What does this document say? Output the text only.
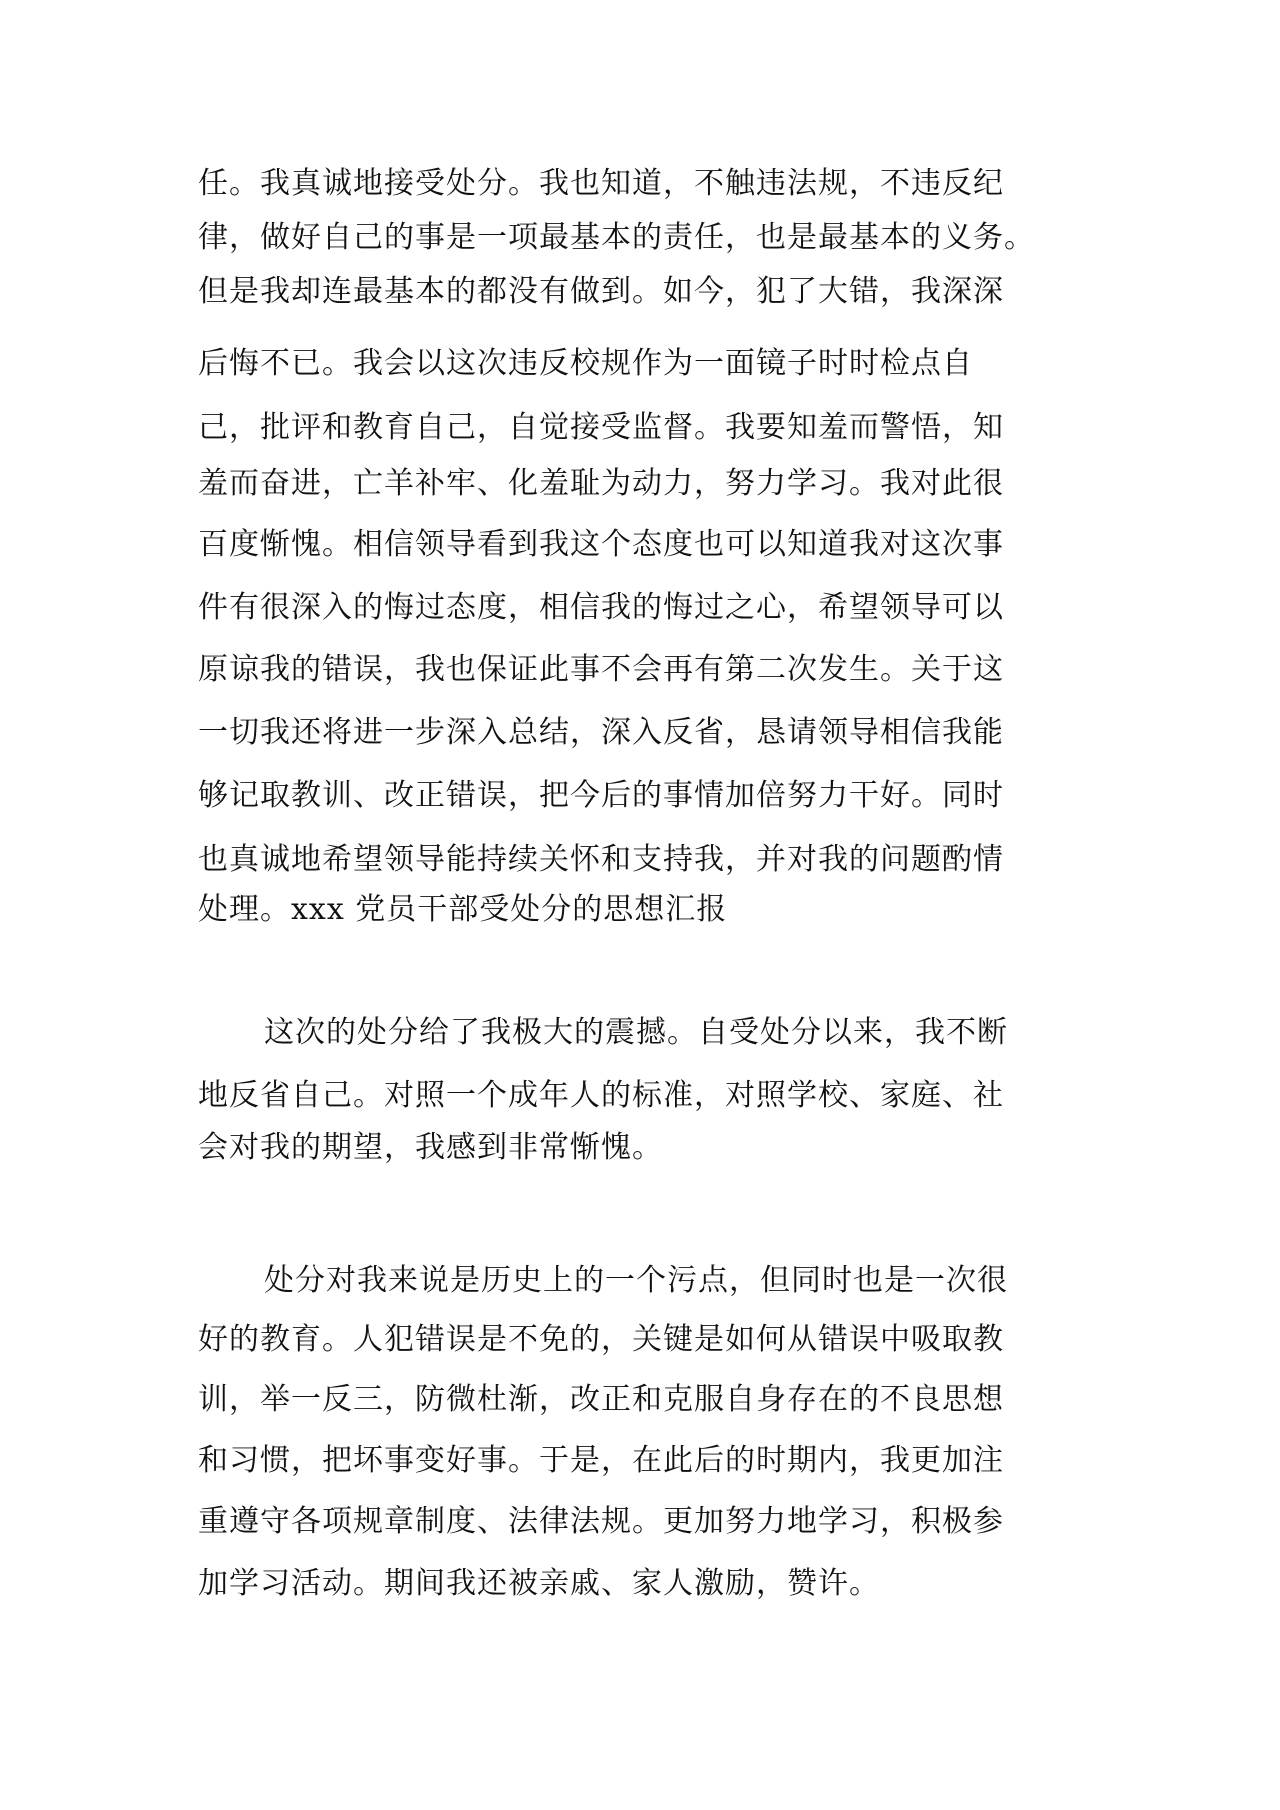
任。我真诚地接受处分。我也知道，不触违法规，不违反纪
律，做好自己的事是一项最基本的责任，也是最基本的义务。
但是我却连最基本的都没有做到。如今，犯了大错，我深深
后悔不已。我会以这次违反校规作为一面镜子时时检点自
己，批评和教育自己，自觉接受监督。我要知羞而警悟，知
羞而奋进，亡羊补牢、化羞耻为动力，努力学习。我对此很
百度惭愧。相信领导看到我这个态度也可以知道我对这次事
件有很深入的悔过态度，相信我的悔过之心，希望领导可以
原谅我的错误，我也保证此事不会再有第二次发生。关于这
一切我还将进一步深入总结，深入反省，恳请领导相信我能
够记取教训、改正错误，把今后的事情加倍努力干好。同时
也真诚地希望领导能持续关怀和支持我，并对我的问题酌情
处理。xxx 党员干部受处分的思想汇报
这次的处分给了我极大的震撼。自受处分以来，我不断
地反省自己。对照一个成年人的标准，对照学校、家庭、社
会对我的期望，我感到非常惭愧。
处分对我来说是历史上的一个污点，但同时也是一次很
好的教育。人犯错误是不免的，关键是如何从错误中吸取教
训，举一反三，防微杜渐，改正和克服自身存在的不良思想
和习惯，把坏事变好事。于是，在此后的时期内，我更加注
重遵守各项规章制度、法律法规。更加努力地学习，积极参
加学习活动。期间我还被亲戚、家人激励，赞许。
